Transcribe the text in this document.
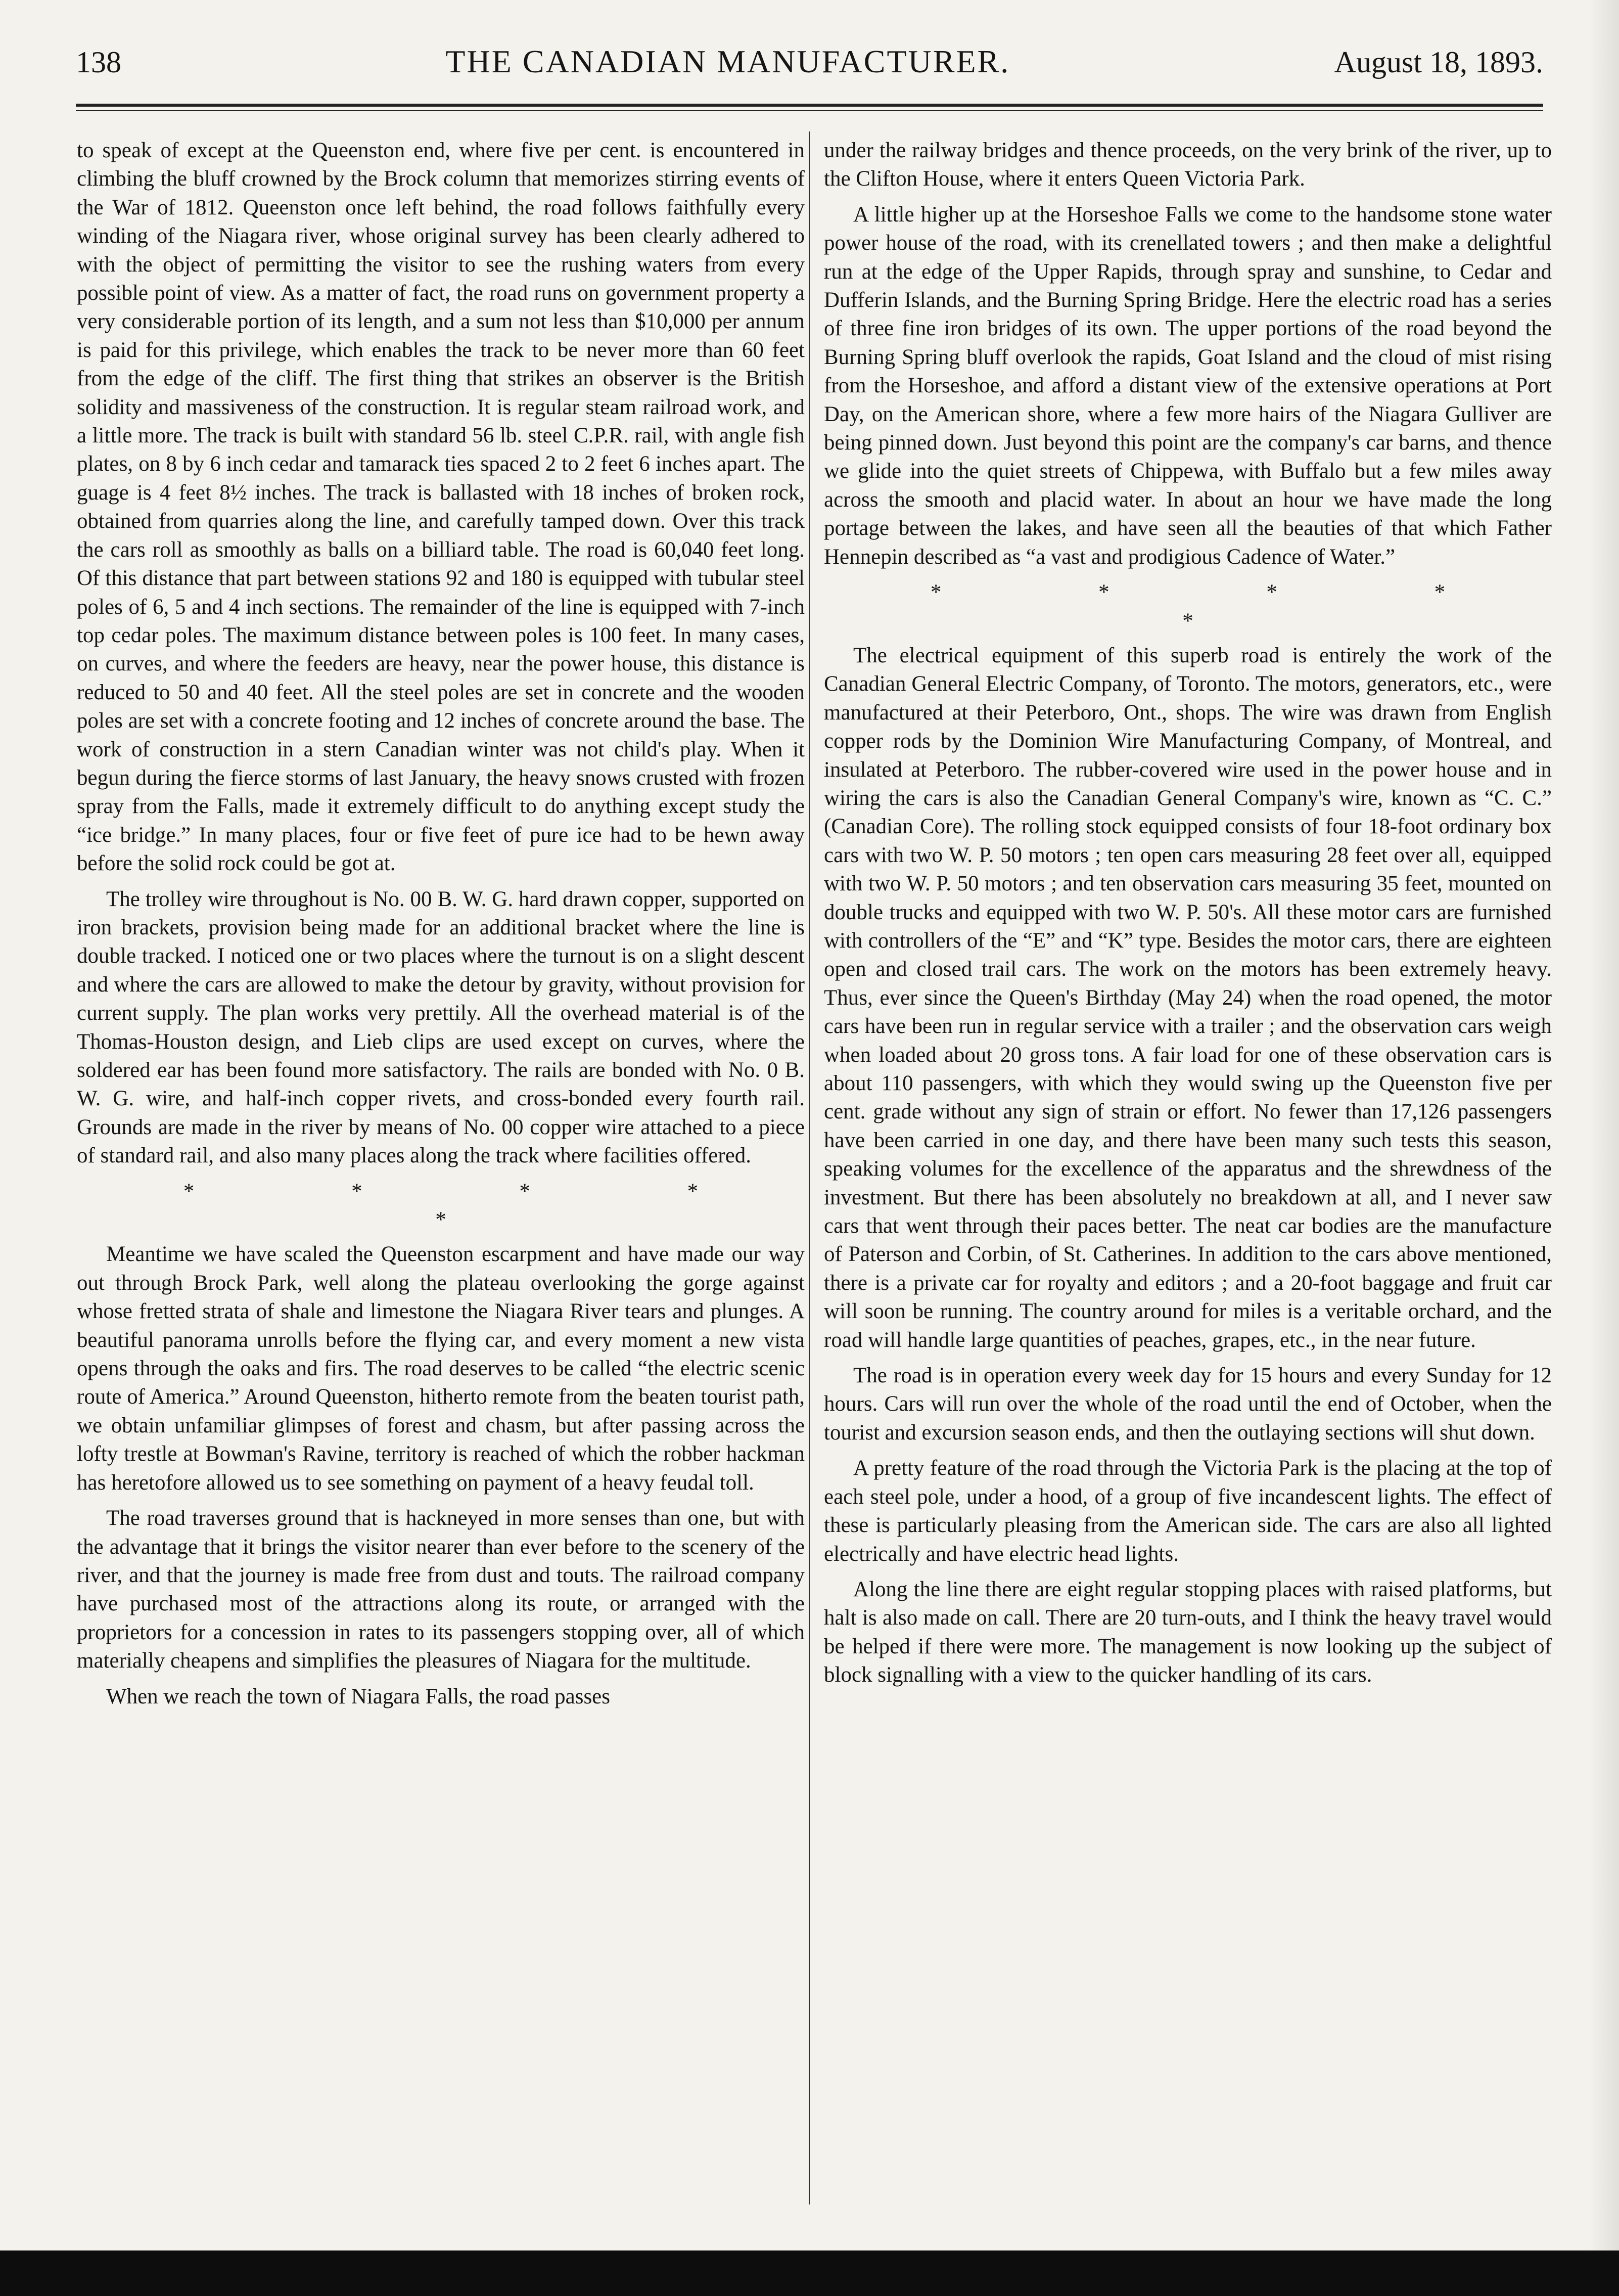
138	THE CANADIAN MANUFACTURER.	August 18, 1893.

to speak of except at the Queenston end, where five per cent. is encountered in climbing the bluff crowned by the Brock column that memorizes stirring events of the War of 1812. Queenston once left behind, the road follows faithfully every winding of the Niagara river, whose original survey has been clearly adhered to with the object of permitting the visitor to see the rushing waters from every possible point of view. As a matter of fact, the road runs on government property a very considerable portion of its length, and a sum not less than $10,000 per annum is paid for this privilege, which enables the track to be never more than 60 feet from the edge of the cliff. The first thing that strikes an observer is the British solidity and massiveness of the construction. It is regular steam railroad work, and a little more. The track is built with standard 56 lb. steel C.P.R. rail, with angle fish plates, on 8 by 6 inch cedar and tamarack ties spaced 2 to 2 feet 6 inches apart. The guage is 4 feet 8½ inches. The track is ballasted with 18 inches of broken rock, obtained from quarries along the line, and carefully tamped down. Over this track the cars roll as smoothly as balls on a billiard table. The road is 60,040 feet long. Of this distance that part between stations 92 and 180 is equipped with tubular steel poles of 6, 5 and 4 inch sections. The remainder of the line is equipped with 7-inch top cedar poles. The maximum distance between poles is 100 feet. In many cases, on curves, and where the feeders are heavy, near the power house, this distance is reduced to 50 and 40 feet. All the steel poles are set in concrete and the wooden poles are set with a concrete footing and 12 inches of concrete around the base. The work of construction in a stern Canadian winter was not child's play. When it begun during the fierce storms of last January, the heavy snows crusted with frozen spray from the Falls, made it extremely difficult to do anything except study the “ice bridge.” In many places, four or five feet of pure ice had to be hewn away before the solid rock could be got at.

The trolley wire throughout is No. 00 B. W. G. hard drawn copper, supported on iron brackets, provision being made for an additional bracket where the line is double tracked. I noticed one or two places where the turnout is on a slight descent and where the cars are allowed to make the detour by gravity, without provision for current supply. The plan works very prettily. All the overhead material is of the Thomas-Houston design, and Lieb clips are used except on curves, where the soldered ear has been found more satisfactory. The rails are bonded with No. 0 B. W. G. wire, and half-inch copper rivets, and cross-bonded every fourth rail. Grounds are made in the river by means of No. 00 copper wire attached to a piece of standard rail, and also many places along the track where facilities offered.

* * * * *

Meantime we have scaled the Queenston escarpment and have made our way out through Brock Park, well along the plateau overlooking the gorge against whose fretted strata of shale and limestone the Niagara River tears and plunges. A beautiful panorama unrolls before the flying car, and every moment a new vista opens through the oaks and firs. The road deserves to be called “the electric scenic route of America.” Around Queenston, hitherto remote from the beaten tourist path, we obtain unfamiliar glimpses of forest and chasm, but after passing across the lofty trestle at Bowman's Ravine, territory is reached of which the robber hackman has heretofore allowed us to see something on payment of a heavy feudal toll.

The road traverses ground that is hackneyed in more senses than one, but with the advantage that it brings the visitor nearer than ever before to the scenery of the river, and that the journey is made free from dust and touts. The railroad company have purchased most of the attractions along its route, or arranged with the proprietors for a concession in rates to its passengers stopping over, all of which materially cheapens and simplifies the pleasures of Niagara for the multitude.

When we reach the town of Niagara Falls, the road passes

under the railway bridges and thence proceeds, on the very brink of the river, up to the Clifton House, where it enters Queen Victoria Park.

A little higher up at the Horseshoe Falls we come to the handsome stone water power house of the road, with its crenellated towers ; and then make a delightful run at the edge of the Upper Rapids, through spray and sunshine, to Cedar and Dufferin Islands, and the Burning Spring Bridge. Here the electric road has a series of three fine iron bridges of its own. The upper portions of the road beyond the Burning Spring bluff overlook the rapids, Goat Island and the cloud of mist rising from the Horseshoe, and afford a distant view of the extensive operations at Port Day, on the American shore, where a few more hairs of the Niagara Gulliver are being pinned down. Just beyond this point are the company's car barns, and thence we glide into the quiet streets of Chippewa, with Buffalo but a few miles away across the smooth and placid water. In about an hour we have made the long portage between the lakes, and have seen all the beauties of that which Father Hennepin described as “a vast and prodigious Cadence of Water.”

* * * * *

The electrical equipment of this superb road is entirely the work of the Canadian General Electric Company, of Toronto. The motors, generators, etc., were manufactured at their Peterboro, Ont., shops. The wire was drawn from English copper rods by the Dominion Wire Manufacturing Company, of Montreal, and insulated at Peterboro. The rubber-covered wire used in the power house and in wiring the cars is also the Canadian General Company's wire, known as “C. C.” (Canadian Core). The rolling stock equipped consists of four 18-foot ordinary box cars with two W. P. 50 motors ; ten open cars measuring 28 feet over all, equipped with two W. P. 50 motors ; and ten observation cars measuring 35 feet, mounted on double trucks and equipped with two W. P. 50's. All these motor cars are furnished with controllers of the “E” and “K” type. Besides the motor cars, there are eighteen open and closed trail cars. The work on the motors has been extremely heavy. Thus, ever since the Queen's Birthday (May 24) when the road opened, the motor cars have been run in regular service with a trailer ; and the observation cars weigh when loaded about 20 gross tons. A fair load for one of these observation cars is about 110 passengers, with which they would swing up the Queenston five per cent. grade without any sign of strain or effort. No fewer than 17,126 passengers have been carried in one day, and there have been many such tests this season, speaking volumes for the excellence of the apparatus and the shrewdness of the investment. But there has been absolutely no breakdown at all, and I never saw cars that went through their paces better. The neat car bodies are the manufacture of Paterson and Corbin, of St. Catherines. In addition to the cars above mentioned, there is a private car for royalty and editors ; and a 20-foot baggage and fruit car will soon be running. The country around for miles is a veritable orchard, and the road will handle large quantities of peaches, grapes, etc., in the near future.

The road is in operation every week day for 15 hours and every Sunday for 12 hours. Cars will run over the whole of the road until the end of October, when the tourist and excursion season ends, and then the outlaying sections will shut down.

A pretty feature of the road through the Victoria Park is the placing at the top of each steel pole, under a hood, of a group of five incandescent lights. The effect of these is particularly pleasing from the American side. The cars are also all lighted electrically and have electric head lights.

Along the line there are eight regular stopping places with raised platforms, but halt is also made on call. There are 20 turn-outs, and I think the heavy travel would be helped if there were more. The management is now looking up the subject of block signalling with a view to the quicker handling of its cars.
